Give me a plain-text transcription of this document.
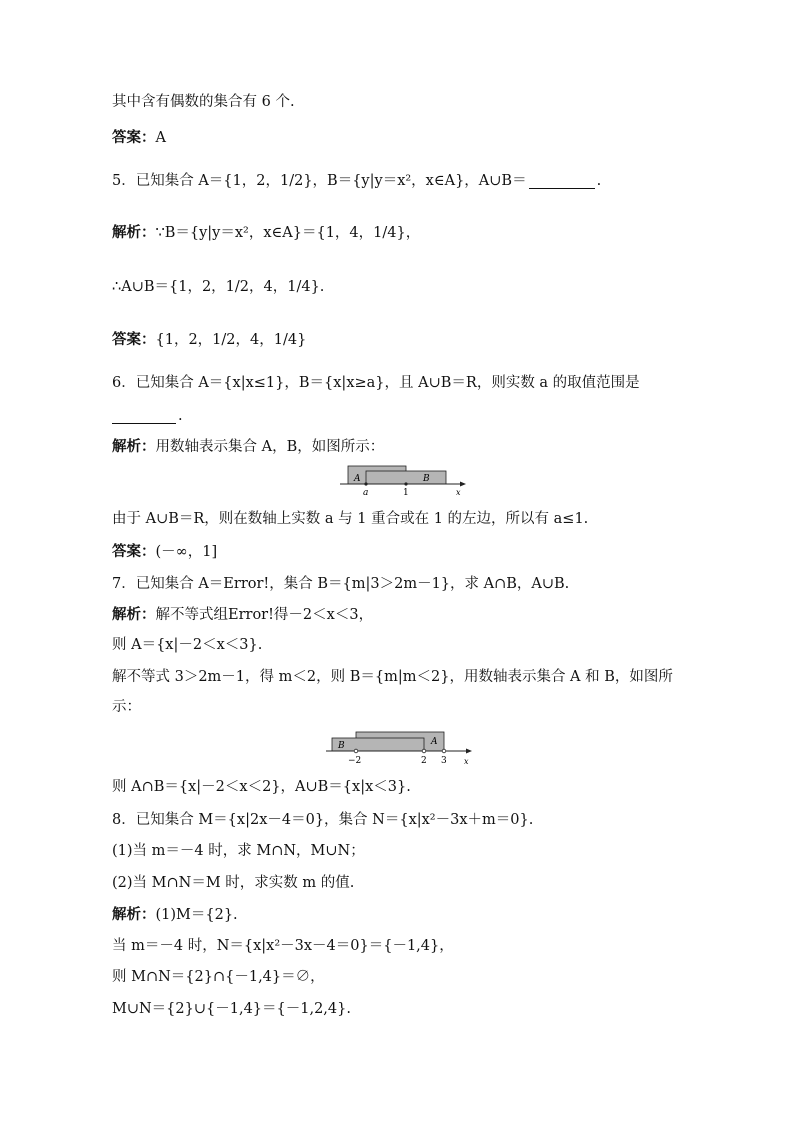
其中含有偶数的集合有 6 个.
答案：A
5．已知集合 A＝{1，2，1/2}，B＝{y|y＝x²，x∈A}，A∪B＝	.
解析：∵B＝{y|y＝x²，x∈A}＝{1，4，1/4}，
∴A∪B＝{1，2，1/2，4，1/4}.
答案：{1，2，1/2，4，1/4}
6．已知集合 A＝{x|x≤1}，B＝{x|x≥a}，且 A∪B＝R，则实数 a 的取值范围是
.
解析：用数轴表示集合 A，B，如图所示：
A	B
a	1	x
由于 A∪B＝R，则在数轴上实数 a 与 1 重合或在 1 的左边，所以有 a≤1.
答案：(－∞，1]
7．已知集合 A＝Error!，集合 B＝{m|3＞2m－1}，求 A∩B，A∪B.
解析：解不等式组Error!得－2＜x＜3，
则 A＝{x|－2＜x＜3}.
解不等式 3＞2m－1，得 m＜2，则 B＝{m|m＜2}，用数轴表示集合 A 和 B，如图所
示：
B	A
−2	2 3 x
则 A∩B＝{x|－2＜x＜2}，A∪B＝{x|x＜3}.
8．已知集合 M＝{x|2x－4＝0}，集合 N＝{x|x²－3x＋m＝0}.
(1)当 m＝－4 时，求 M∩N，M∪N；
(2)当 M∩N＝M 时，求实数 m 的值.
解析：(1)M＝{2}.
当 m＝－4 时，N＝{x|x²－3x－4＝0}＝{－1,4}，
则 M∩N＝{2}∩{－1,4}＝∅，
M∪N＝{2}∪{－1,4}＝{－1,2,4}.
